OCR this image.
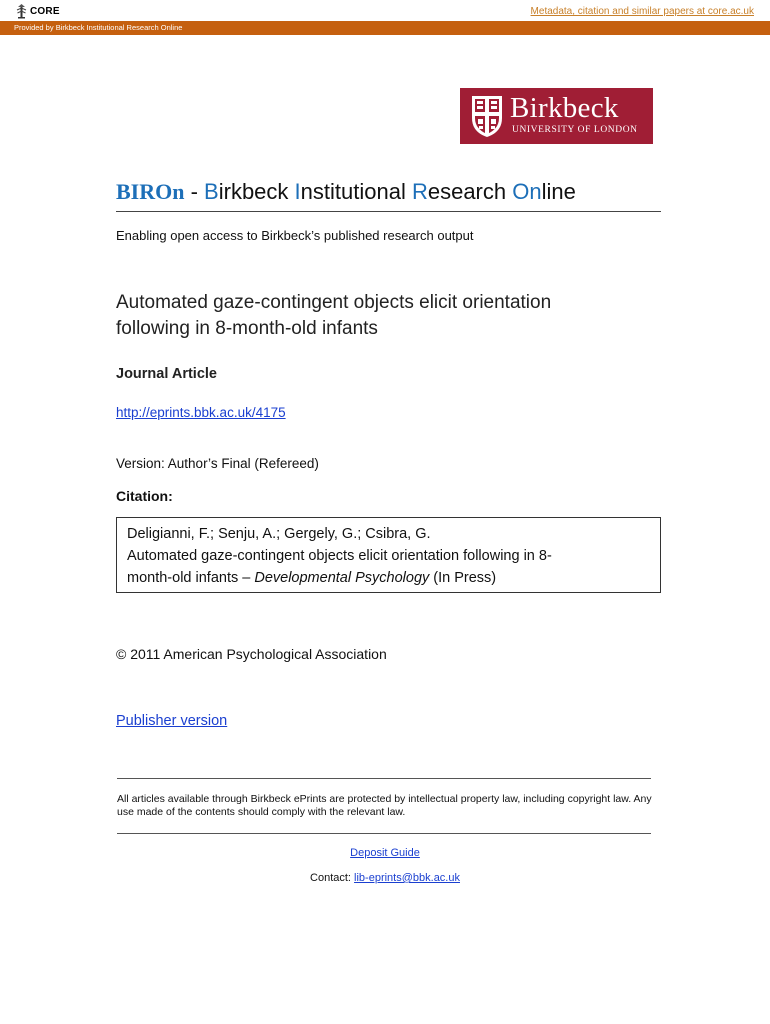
CORE	Metadata, citation and similar papers at core.ac.uk
Provided by Birkbeck Institutional Research Online
Birkbeck
UNIVERSITY OF LONDON
BIROn - Birkbeck Institutional Research Online
Enabling open access to Birkbeck’s published research output
Automated gaze-contingent objects elicit orientation
following in 8-month-old infants
Journal Article
http://eprints.bbk.ac.uk/4175
Version: Author’s Final (Refereed)
Citation:

Deligianni, F.; Senju, A.; Gergely, G.; Csibra, G.

Automated gaze-contingent objects elicit orientation following in 8-

month-old infants – Developmental Psychology (In Press)

© 2011 American Psychological Association
Publisher version
All articles available through Birkbeck ePrints are protected by intellectual property law, including copyright law. Any use made of the contents should comply with the relevant law.
Deposit Guide
Contact: lib-eprints@bbk.ac.uk
